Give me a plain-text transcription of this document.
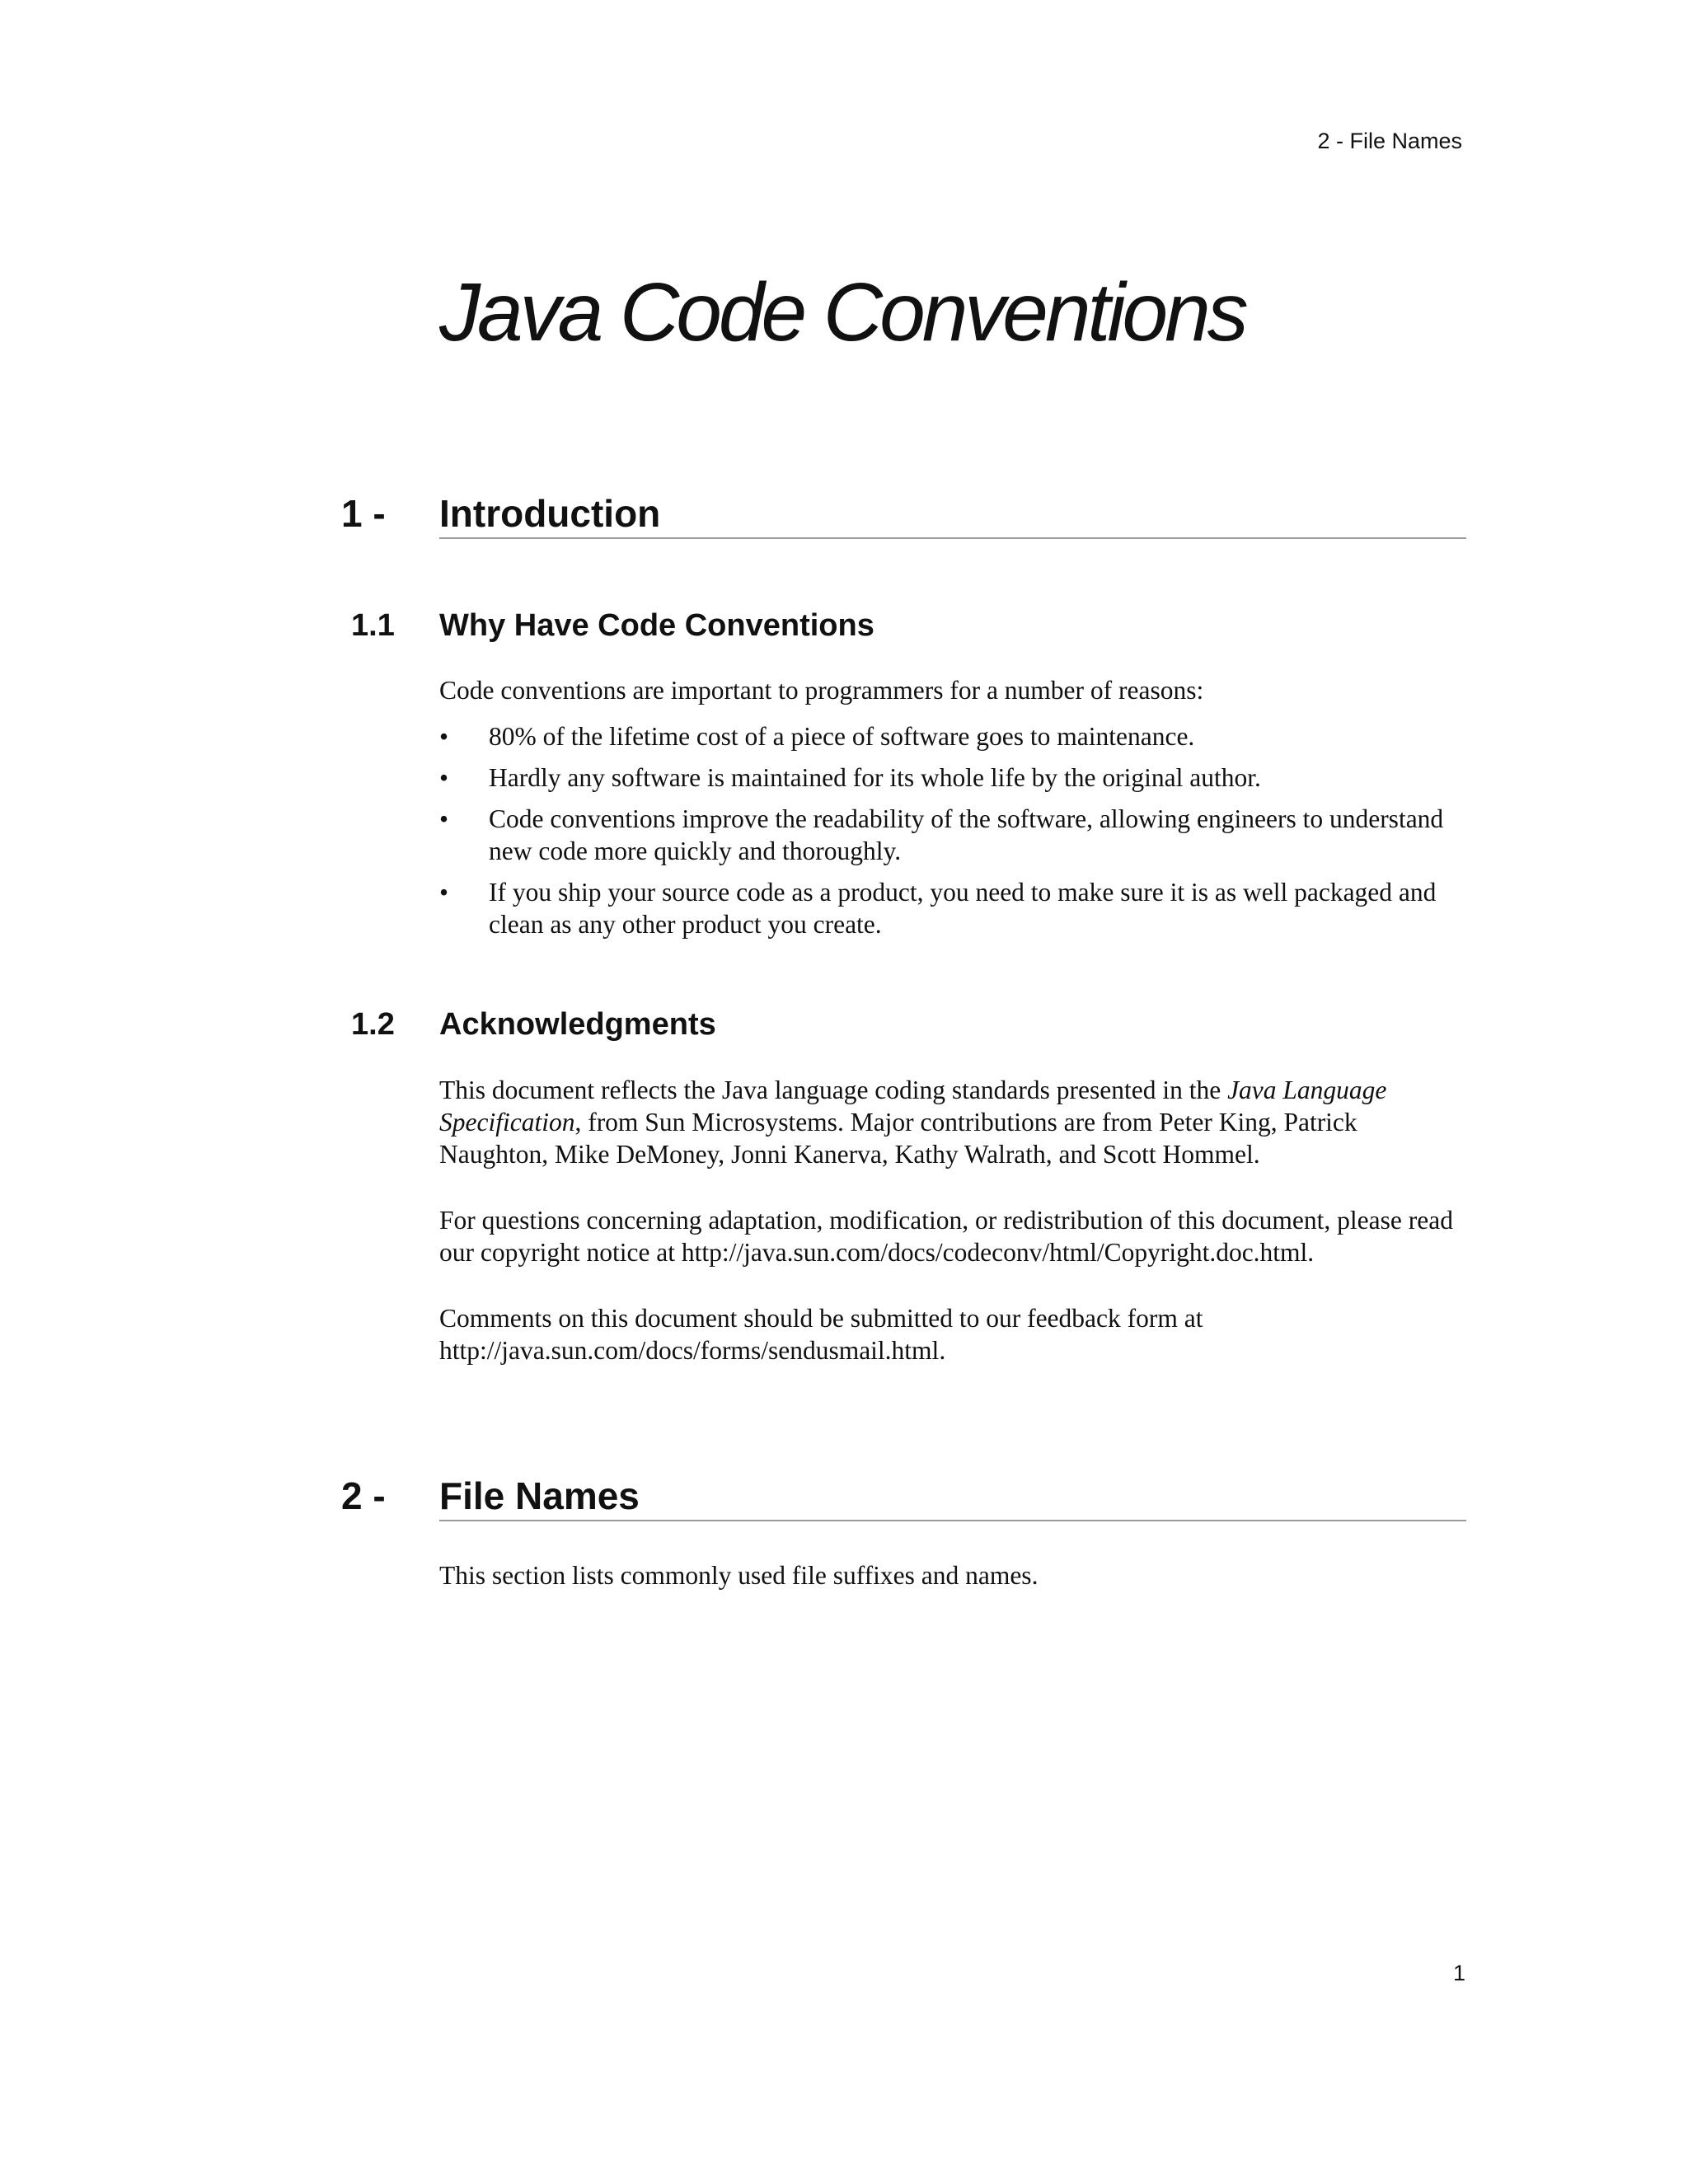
2 - File Names
Java Code Conventions
1 - Introduction
1.1 Why Have Code Conventions

Code conventions are important to programmers for a number of reasons:

• 80% of the lifetime cost of a piece of software goes to maintenance.
• Hardly any software is maintained for its whole life by the original author.
• Code conventions improve the readability of the software, allowing engineers to understand new code more quickly and thoroughly.
• If you ship your source code as a product, you need to make sure it is as well packaged and clean as any other product you create.
1.2 Acknowledgments

This document reflects the Java language coding standards presented in the Java Language Specification, from Sun Microsystems. Major contributions are from Peter King, Patrick Naughton, Mike DeMoney, Jonni Kanerva, Kathy Walrath, and Scott Hommel.

For questions concerning adaptation, modification, or redistribution of this document, please read our copyright notice at http://java.sun.com/docs/codeconv/html/Copyright.doc.html.

Comments on this document should be submitted to our feedback form at http://java.sun.com/docs/forms/sendusmail.html.

2 - File Names

This section lists commonly used file suffixes and names.

1
